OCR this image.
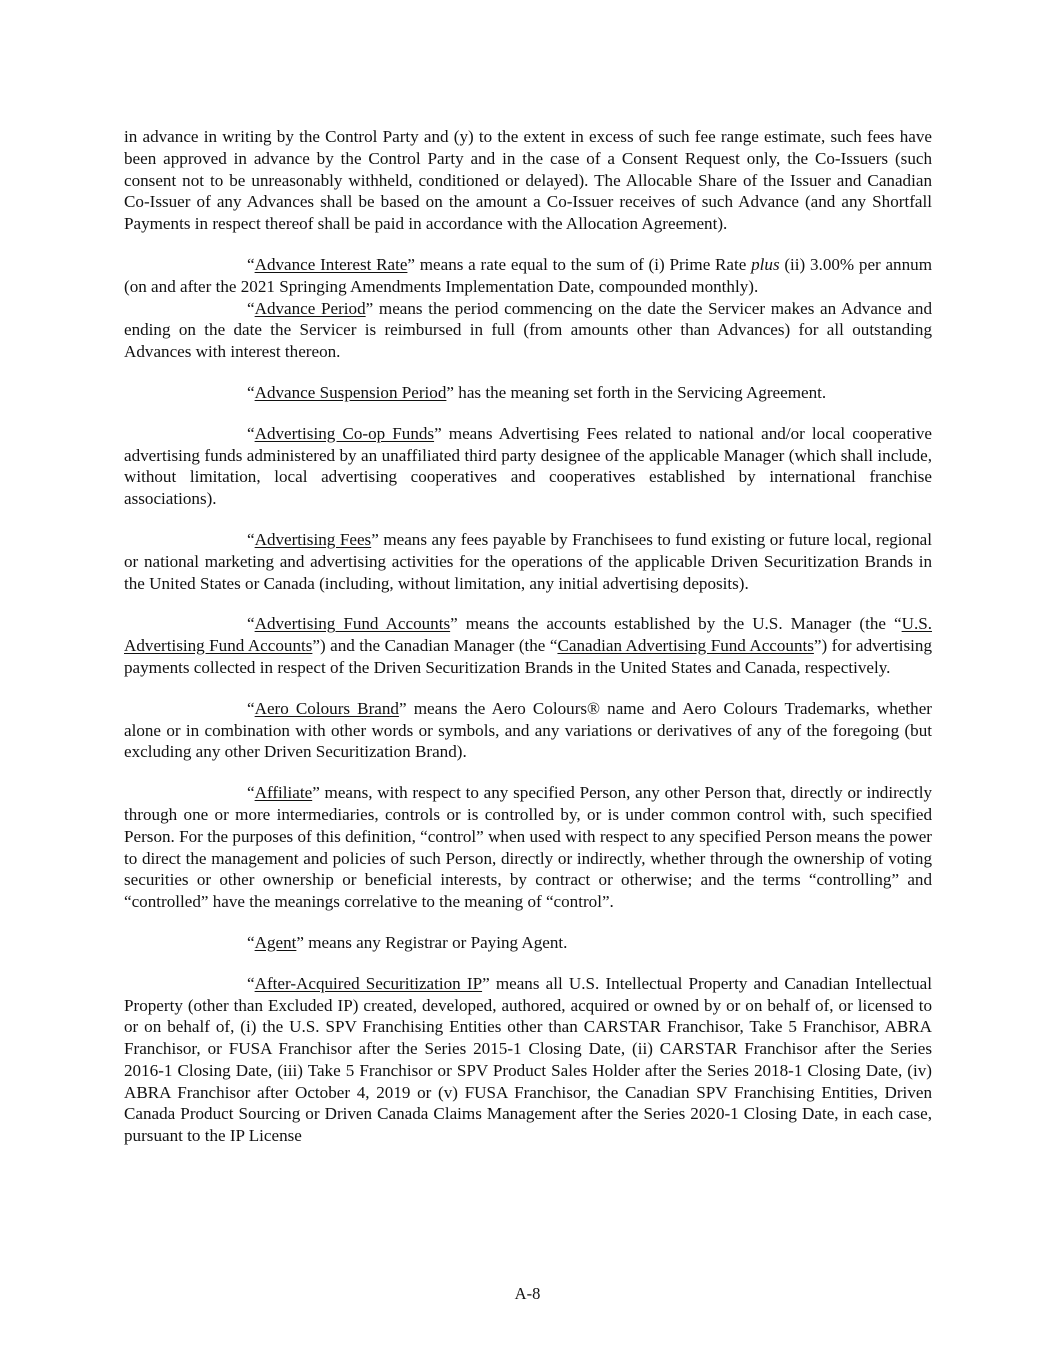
in advance in writing by the Control Party and (y) to the extent in excess of such fee range estimate, such fees have been approved in advance by the Control Party and in the case of a Consent Request only, the Co-Issuers (such consent not to be unreasonably withheld, conditioned or delayed). The Allocable Share of the Issuer and Canadian Co-Issuer of any Advances shall be based on the amount a Co-Issuer receives of such Advance (and any Shortfall Payments in respect thereof shall be paid in accordance with the Allocation Agreement).

“Advance Interest Rate” means a rate equal to the sum of (i) Prime Rate plus (ii) 3.00% per annum (on and after the 2021 Springing Amendments Implementation Date, compounded monthly).

“Advance Period” means the period commencing on the date the Servicer makes an Advance and ending on the date the Servicer is reimbursed in full (from amounts other than Advances) for all outstanding Advances with interest thereon.

“Advance Suspension Period” has the meaning set forth in the Servicing Agreement.

“Advertising Co-op Funds” means Advertising Fees related to national and/or local cooperative advertising funds administered by an unaffiliated third party designee of the applicable Manager (which shall include, without limitation, local advertising cooperatives and cooperatives established by international franchise associations).

“Advertising Fees” means any fees payable by Franchisees to fund existing or future local, regional or national marketing and advertising activities for the operations of the applicable Driven Securitization Brands in the United States or Canada (including, without limitation, any initial advertising deposits).

“Advertising Fund Accounts” means the accounts established by the U.S. Manager (the “U.S. Advertising Fund Accounts”) and the Canadian Manager (the “Canadian Advertising Fund Accounts”) for advertising payments collected in respect of the Driven Securitization Brands in the United States and Canada, respectively.

“Aero Colours Brand” means the Aero Colours® name and Aero Colours Trademarks, whether alone or in combination with other words or symbols, and any variations or derivatives of any of the foregoing (but excluding any other Driven Securitization Brand).

“Affiliate” means, with respect to any specified Person, any other Person that, directly or indirectly through one or more intermediaries, controls or is controlled by, or is under common control with, such specified Person. For the purposes of this definition, “control” when used with respect to any specified Person means the power to direct the management and policies of such Person, directly or indirectly, whether through the ownership of voting securities or other ownership or beneficial interests, by contract or otherwise; and the terms “controlling” and “controlled” have the meanings correlative to the meaning of “control”.

“Agent” means any Registrar or Paying Agent.

“After-Acquired Securitization IP” means all U.S. Intellectual Property and Canadian Intellectual Property (other than Excluded IP) created, developed, authored, acquired or owned by or on behalf of, or licensed to or on behalf of, (i) the U.S. SPV Franchising Entities other than CARSTAR Franchisor, Take 5 Franchisor, ABRA Franchisor, or FUSA Franchisor after the Series 2015-1 Closing Date, (ii) CARSTAR Franchisor after the Series 2016-1 Closing Date, (iii) Take 5 Franchisor or SPV Product Sales Holder after the Series 2018-1 Closing Date, (iv) ABRA Franchisor after October 4, 2019 or (v) FUSA Franchisor, the Canadian SPV Franchising Entities, Driven Canada Product Sourcing or Driven Canada Claims Management after the Series 2020-1 Closing Date, in each case, pursuant to the IP License

A-8
